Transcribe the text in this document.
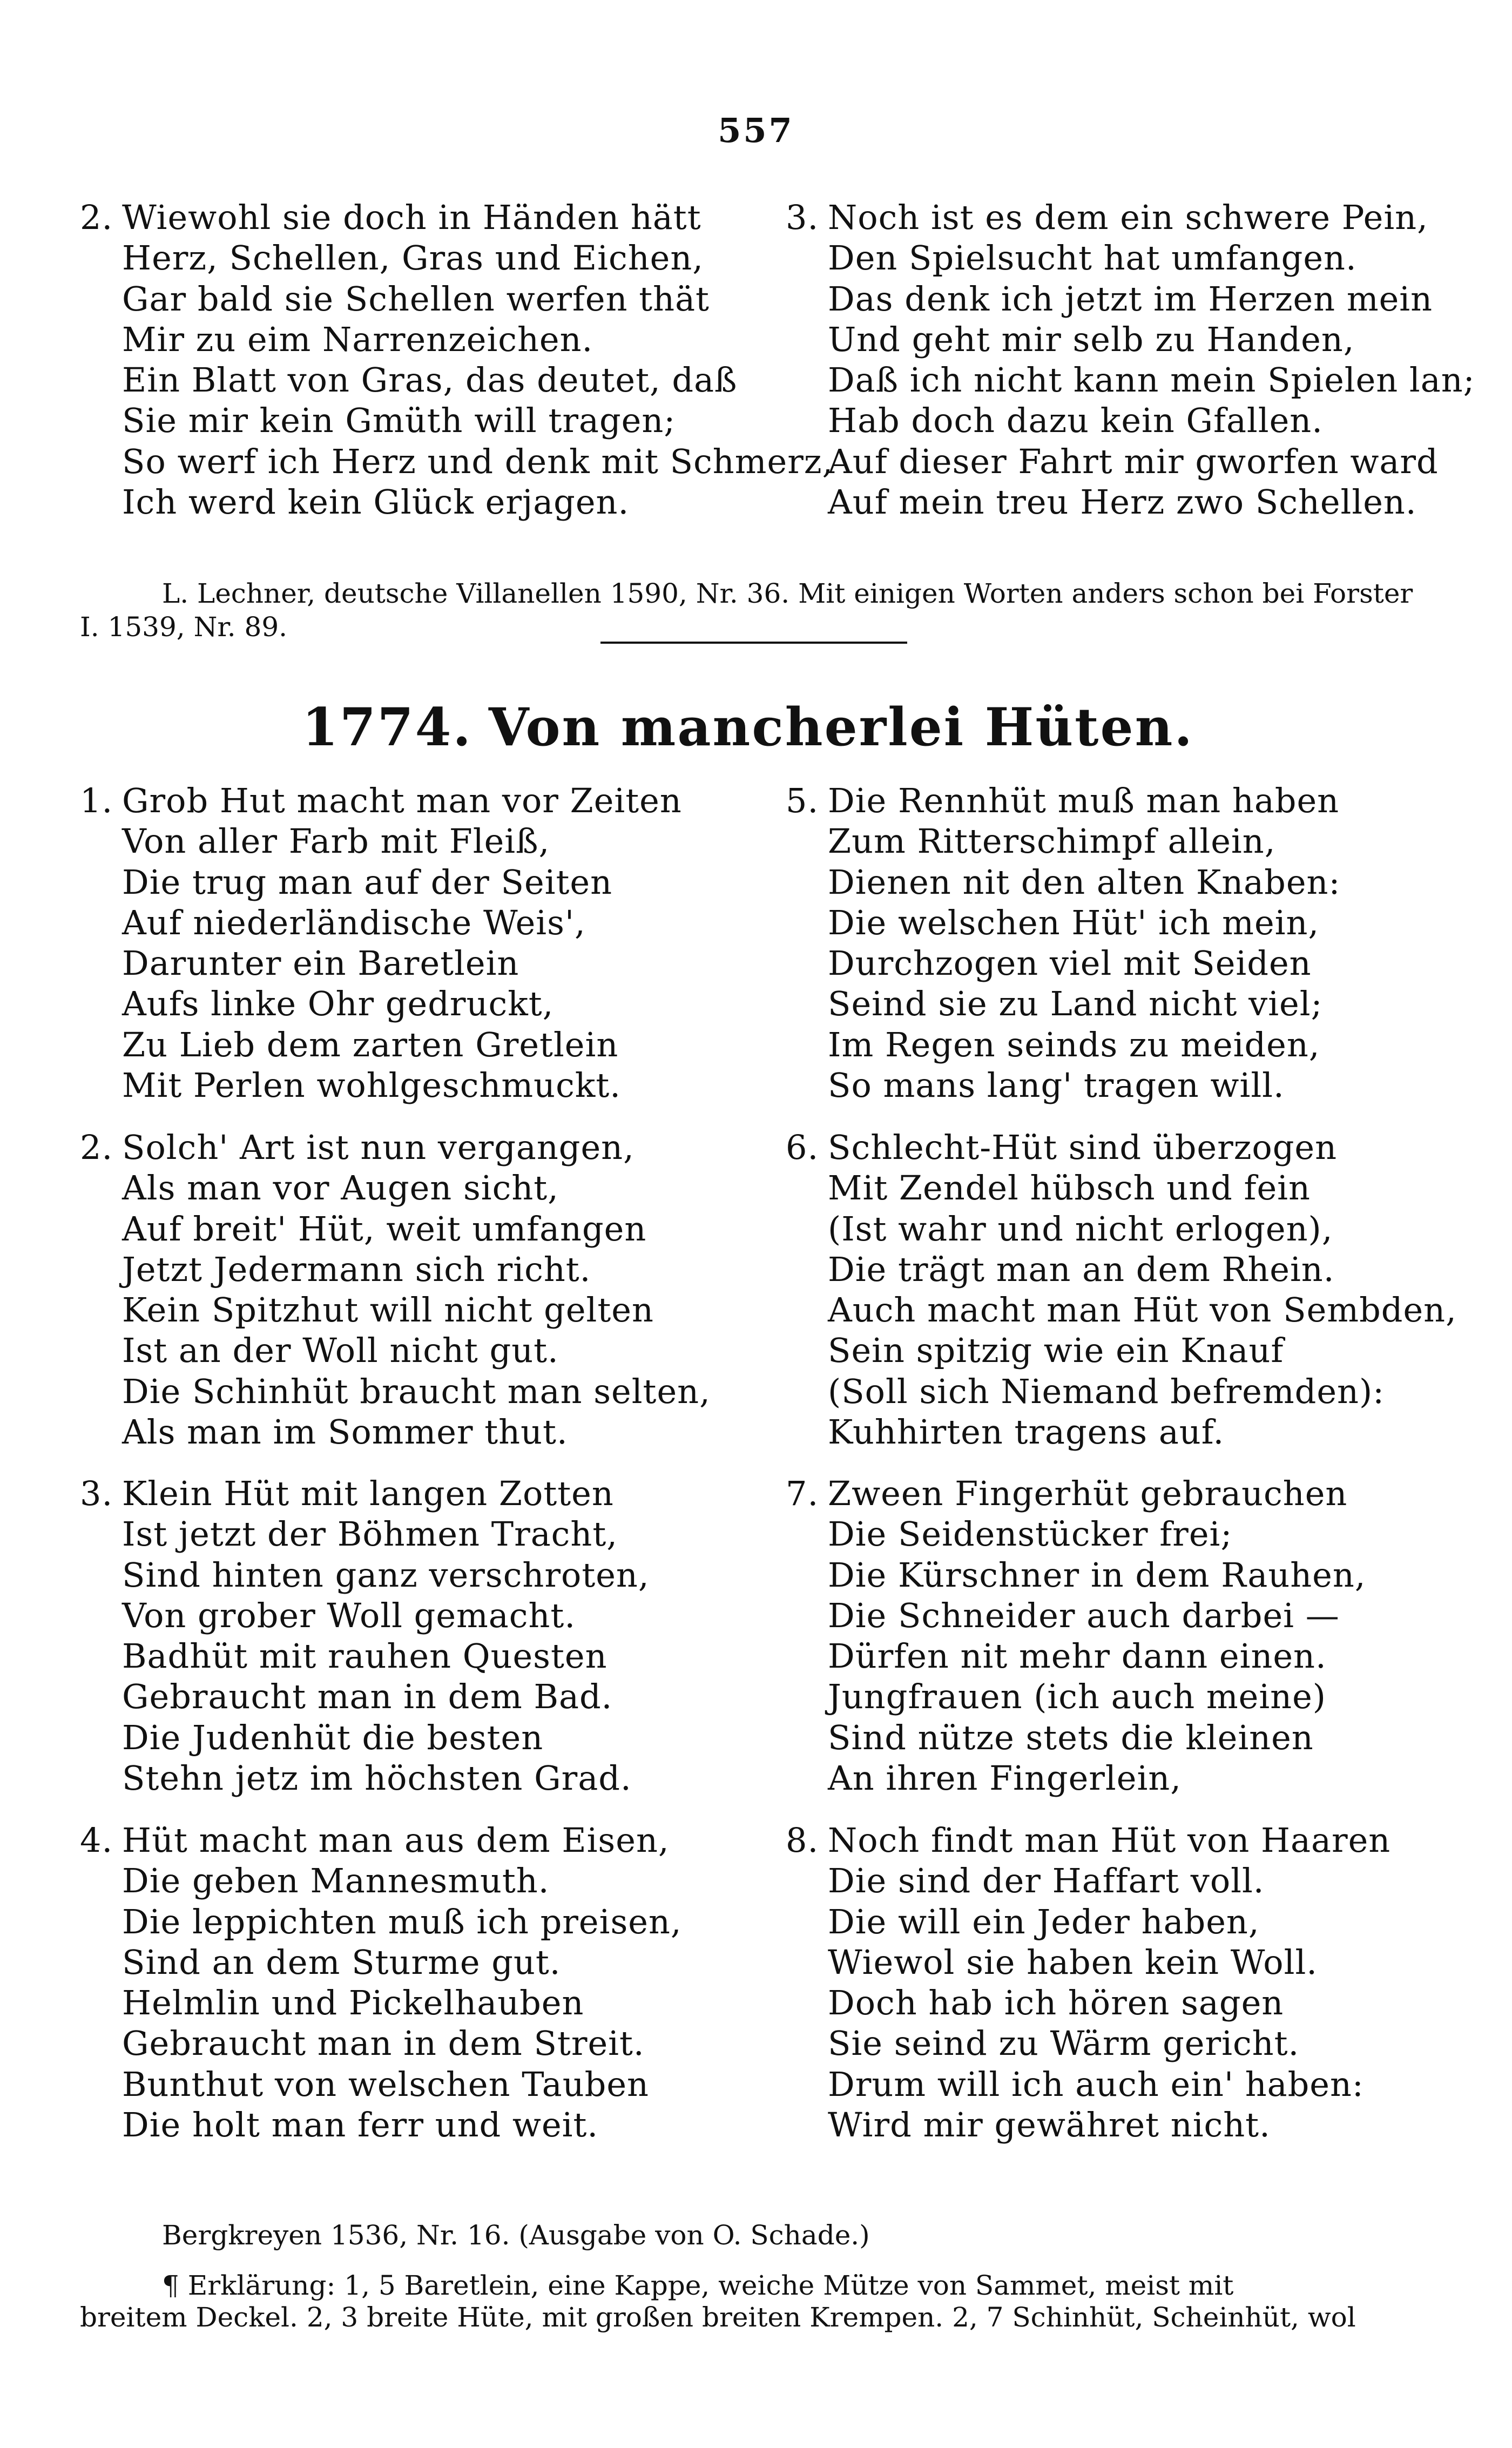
557
2. Wiewohl sie doch in Händen hätt
Herz, Schellen, Gras und Eichen,
Gar bald sie Schellen werfen thät
Mir zu eim Narrenzeichen.
Ein Blatt von Gras, das deutet, daß
Sie mir kein Gmüth will tragen;
So werf ich Herz und denk mit Schmerz,
Ich werd kein Glück erjagen.
3. Noch ist es dem ein schwere Pein,
Den Spielsucht hat umfangen.
Das denk ich jetzt im Herzen mein
Und geht mir selb zu Handen,
Daß ich nicht kann mein Spielen lan;
Hab doch dazu kein Gfallen.
Auf dieser Fahrt mir gworfen ward
Auf mein treu Herz zwo Schellen.
L. Lechner, deutsche Villanellen 1590, Nr. 36. Mit einigen Worten anders schon bei Forster
I. 1539, Nr. 89.
1774. Von mancherlei Hüten.
1. Grob Hut macht man vor Zeiten
Von aller Farb mit Fleiß,
Die trug man auf der Seiten
Auf niederländische Weis',
Darunter ein Baretlein
Aufs linke Ohr gedruckt,
Zu Lieb dem zarten Gretlein
Mit Perlen wohlgeschmuckt.
2. Solch' Art ist nun vergangen,
Als man vor Augen sicht,
Auf breit' Hüt, weit umfangen
Jetzt Jedermann sich richt.
Kein Spitzhut will nicht gelten
Ist an der Woll nicht gut.
Die Schinhüt braucht man selten,
Als man im Sommer thut.
3. Klein Hüt mit langen Zotten
Ist jetzt der Böhmen Tracht,
Sind hinten ganz verschroten,
Von grober Woll gemacht.
Badhüt mit rauhen Questen
Gebraucht man in dem Bad.
Die Judenhüt die besten
Stehn jetz im höchsten Grad.
4. Hüt macht man aus dem Eisen,
Die geben Mannesmuth.
Die leppichten muß ich preisen,
Sind an dem Sturme gut.
Helmlin und Pickelhauben
Gebraucht man in dem Streit.
Bunthut von welschen Tauben
Die holt man ferr und weit.
5. Die Rennhüt muß man haben
Zum Ritterschimpf allein,
Dienen nit den alten Knaben:
Die welschen Hüt' ich mein,
Durchzogen viel mit Seiden
Seind sie zu Land nicht viel;
Im Regen seinds zu meiden,
So mans lang' tragen will.
6. Schlecht-Hüt sind überzogen
Mit Zendel hübsch und fein
(Ist wahr und nicht erlogen),
Die trägt man an dem Rhein.
Auch macht man Hüt von Sembden,
Sein spitzig wie ein Knauf
(Soll sich Niemand befremden):
Kuhhirten tragens auf.
7. Zween Fingerhüt gebrauchen
Die Seidenstücker frei;
Die Kürschner in dem Rauhen,
Die Schneider auch darbei —
Dürfen nit mehr dann einen.
Jungfrauen (ich auch meine)
Sind nütze stets die kleinen
An ihren Fingerlein,
8. Noch findt man Hüt von Haaren
Die sind der Haffart voll.
Die will ein Jeder haben,
Wiewol sie haben kein Woll.
Doch hab ich hören sagen
Sie seind zu Wärm gericht.
Drum will ich auch ein' haben:
Wird mir gewähret nicht.
Bergkreyen 1536, Nr. 16. (Ausgabe von O. Schade.)
¶ Erklärung: 1, 5 Baretlein, eine Kappe, weiche Mütze von Sammet, meist mit
breitem Deckel. 2, 3 breite Hüte, mit großen breiten Krempen. 2, 7 Schinhüt, Scheinhüt, wol
